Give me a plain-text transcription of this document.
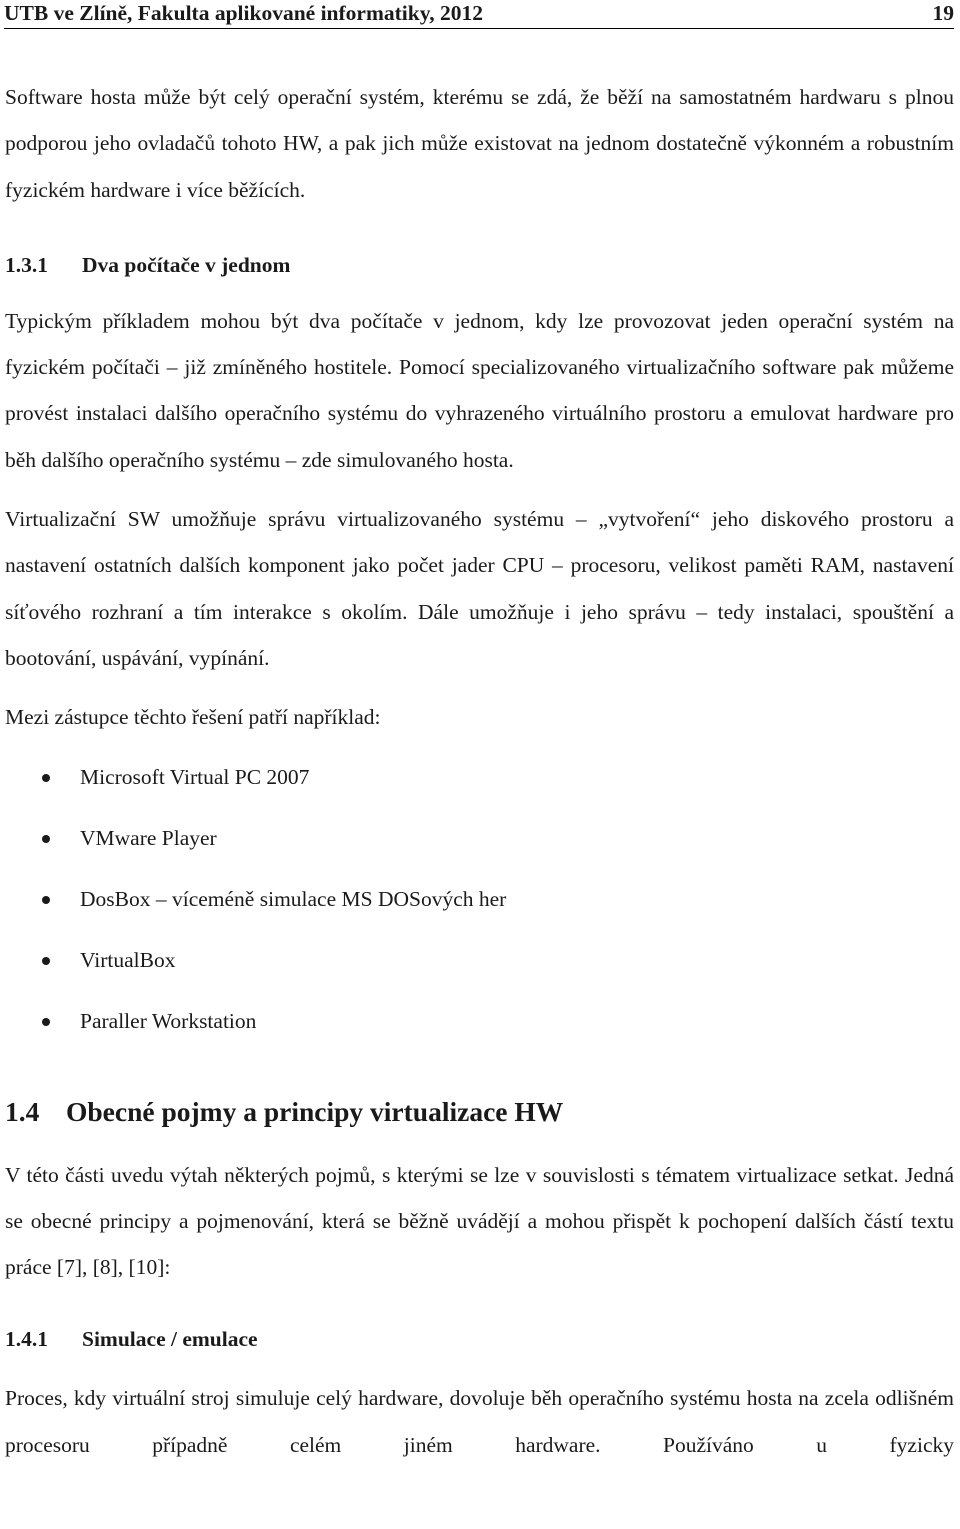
UTB ve Zlíně, Fakulta aplikované informatiky, 2012	19

Software hosta může být celý operační systém, kterému se zdá, že běží na samostatném hardwaru s plnou podporou jeho ovladačů tohoto HW, a pak jich může existovat na jednom dostatečně výkonném a robustním fyzickém hardware i více běžících.

1.3.1	Dva počítače v jednom

Typickým příkladem mohou být dva počítače v jednom, kdy lze provozovat jeden operační systém na fyzickém počítači – již zmíněného hostitele. Pomocí specializovaného virtualizačního software pak můžeme provést instalaci dalšího operačního systému do vyhrazeného virtuálního prostoru a emulovat hardware pro běh dalšího operačního systému – zde simulovaného hosta.

Virtualizační SW umožňuje správu virtualizovaného systému – „vytvoření“ jeho diskového prostoru a nastavení ostatních dalších komponent jako počet jader CPU – procesoru, velikost paměti RAM, nastavení síťového rozhraní a tím interakce s okolím. Dále umožňuje i jeho správu – tedy instalaci, spouštění a bootování, uspávání, vypínání.

Mezi zástupce těchto řešení patří například:

Microsoft Virtual PC 2007
VMware Player
DosBox – víceméně simulace MS DOSových her
VirtualBox
Paraller Workstation
1.4 Obecné pojmy a principy virtualizace HW

V této části uvedu výtah některých pojmů, s kterými se lze v souvislosti s tématem virtualizace setkat. Jedná se obecné principy a pojmenování, která se běžně uvádějí a mohou přispět k pochopení dalších částí textu práce [7], [8], [10]:

1.4.1	Simulace / emulace

Proces, kdy virtuální stroj simuluje celý hardware, dovoluje běh operačního systému hosta na zcela odlišném procesoru případně celém jiném hardware. Používáno u fyzicky
